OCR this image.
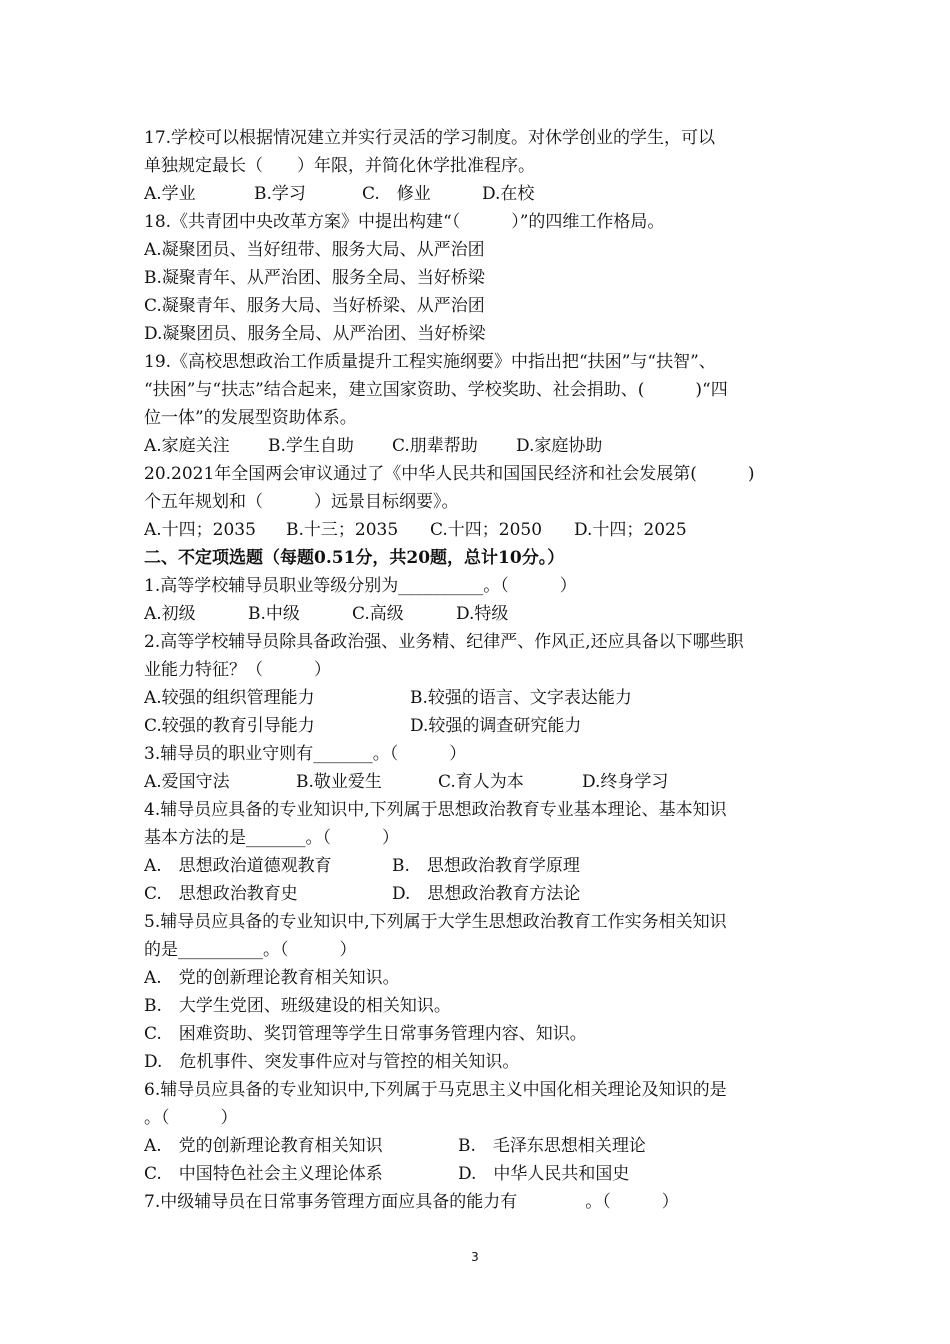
17.学校可以根据情况建立并实行灵活的学习制度。对休学创业的学生，可以
单独规定最长（　　）年限，并简化休学批准程序。
A.学业	B.学习	C.　修业	D.在校
18.《共青团中央改革方案》中提出构建“（　　　）”的四维工作格局。
A.凝聚团员、当好纽带、服务大局、从严治团
B.凝聚青年、从严治团、服务全局、当好桥梁
C.凝聚青年、服务大局、当好桥梁、从严治团
D.凝聚团员、服务全局、从严治团、当好桥梁
19.《高校思想政治工作质量提升工程实施纲要》中指出把“扶困”与“扶智”、
“扶困”与“扶志”结合起来，建立国家资助、学校奖助、社会捐助、(　　　)“四
位一体”的发展型资助体系。
A.家庭关注	B.学生自助	C.朋辈帮助	D.家庭协助
20.2021年全国两会审议通过了《中华人民共和国国民经济和社会发展第(　　　)
个五年规划和（　　　）远景目标纲要》。
A.十四；2035	B.十三；2035	C.十四；2050	D.十四；2025
二、不定项选题（每题0.51分，共20题，总计10分。）
1.高等学校辅导员职业等级分别为__________。（　　　）
A.初级	B.中级	C.高级	D.特级
2.高等学校辅导员除具备政治强、业务精、纪律严、作风正,还应具备以下哪些职
业能力特征？（　　　）
A.较强的组织管理能力	B.较强的语言、文字表达能力
C.较强的教育引导能力	D.较强的调查研究能力
3.辅导员的职业守则有_______。（　　　）
A.爱国守法	B.敬业爱生	C.育人为本	D.终身学习
4.辅导员应具备的专业知识中,下列属于思想政治教育专业基本理论、基本知识
基本方法的是_______。（　　　）
A.　思想政治道德观教育	B.　思想政治教育学原理
C.　思想政治教育史	D.　思想政治教育方法论
5.辅导员应具备的专业知识中,下列属于大学生思想政治教育工作实务相关知识
的是__________。（　　　）
A.　党的创新理论教育相关知识。
B.　大学生党团、班级建设的相关知识。
C.　困难资助、奖罚管理等学生日常事务管理内容、知识。
D.　危机事件、突发事件应对与管控的相关知识。
6.辅导员应具备的专业知识中,下列属于马克思主义中国化相关理论及知识的是
。（　　　）
A.　党的创新理论教育相关知识	B.　毛泽东思想相关理论
C.　中国特色社会主义理论体系	D.　中华人民共和国史
7.中级辅导员在日常事务管理方面应具备的能力有　　　　。（　　　）
3
